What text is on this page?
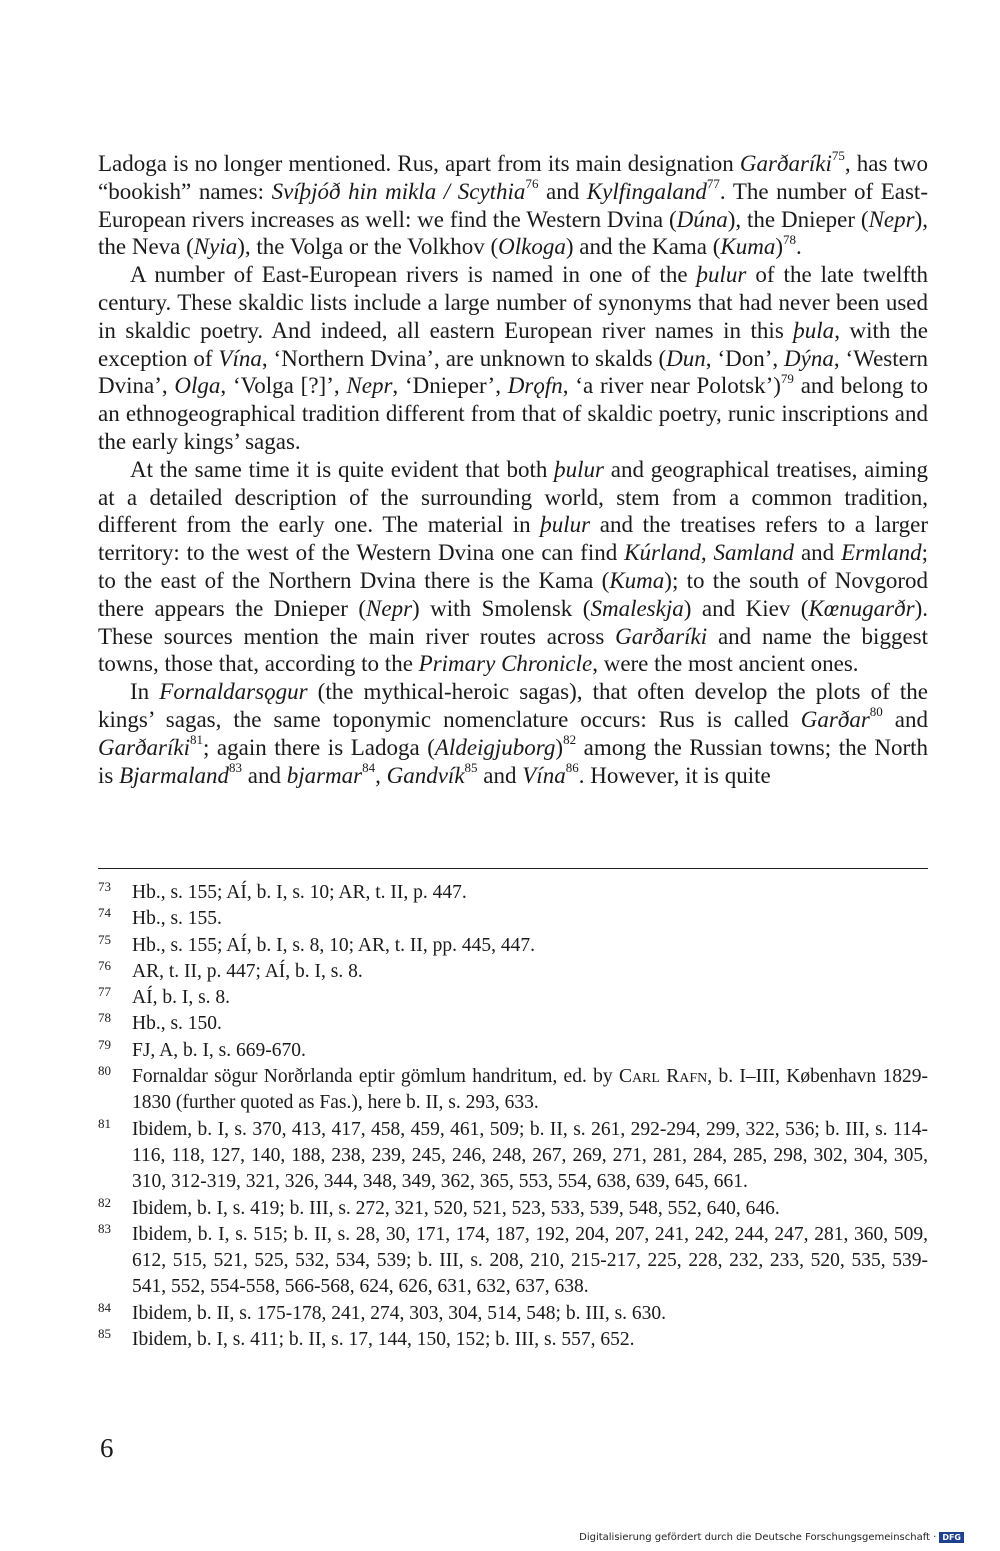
Ladoga is no longer mentioned. Rus, apart from its main designation Garðaríki$^{75}$, has two “bookish” names: Svíþjóð hin mikla / Scythia$^{76}$ and Kylfingaland$^{77}$. The number of East-European rivers increases as well: we find the Western Dvina (Dúna), the Dnieper (Nepr), the Neva (Nyia), the Volga or the Volkhov (Olkoga) and the Kama (Kuma)$^{78}$.

A number of East-European rivers is named in one of the þulur of the late twelfth century. These skaldic lists include a large number of synonyms that had never been used in skaldic poetry. And indeed, all eastern European river names in this þula, with the exception of Vína, ‘Northern Dvina’, are unknown to skalds (Dun, ‘Don’, Dýna, ‘Western Dvina’, Olga, ‘Volga [?]’, Nepr, ‘Dnieper’, Drǫfn, ‘a river near Polotsk’)$^{79}$ and belong to an ethnogeographical tradition different from that of skaldic poetry, runic inscriptions and the early kings’ sagas.

At the same time it is quite evident that both þulur and geographical treatises, aiming at a detailed description of the surrounding world, stem from a common tradition, different from the early one. The material in þulur and the treatises refers to a larger territory: to the west of the Western Dvina one can find Kúrland, Samland and Ermland; to the east of the Northern Dvina there is the Kama (Kuma); to the south of Novgorod there appears the Dnieper (Nepr) with Smolensk (Smaleskja) and Kiev (Kœnugarðr). These sources mention the main river routes across Garðaríki and name the biggest towns, those that, according to the Primary Chronicle, were the most ancient ones.

In Fornaldarsǫgur (the mythical-heroic sagas), that often develop the plots of the kings’ sagas, the same toponymic nomenclature occurs: Rus is called Garðar$^{80}$ and Garðaríki$^{81}$; again there is Ladoga (Aldeigjuborg)$^{82}$ among the Russian towns; the North is Bjarmaland$^{83}$ and bjarmar$^{84}$, Gandvík$^{85}$ and Vína$^{86}$. However, it is quite

73	Hb., s. 155; AÍ, b. I, s. 10; AR, t. II, p. 447.
74	Hb., s. 155.
75	Hb., s. 155; AÍ, b. I, s. 8, 10; AR, t. II, pp. 445, 447.
76	AR, t. II, p. 447; AÍ, b. I, s. 8.
77	AÍ, b. I, s. 8.
78	Hb., s. 150.
79	FJ, A, b. I, s. 669-670.
80	Fornaldar sögur Norðrlanda eptir gömlum handritum, ed. by Carl Rafn, b. I–III, København 1829-1830 (further quoted as Fas.), here b. II, s. 293, 633.
81	Ibidem, b. I, s. 370, 413, 417, 458, 459, 461, 509; b. II, s. 261, 292-294, 299, 322, 536; b. III, s. 114-116, 118, 127, 140, 188, 238, 239, 245, 246, 248, 267, 269, 271, 281, 284, 285, 298, 302, 304, 305, 310, 312-319, 321, 326, 344, 348, 349, 362, 365, 553, 554, 638, 639, 645, 661.
82	Ibidem, b. I, s. 419; b. III, s. 272, 321, 520, 521, 523, 533, 539, 548, 552, 640, 646.
83	Ibidem, b. I, s. 515; b. II, s. 28, 30, 171, 174, 187, 192, 204, 207, 241, 242, 244, 247, 281, 360, 509, 612, 515, 521, 525, 532, 534, 539; b. III, s. 208, 210, 215-217, 225, 228, 232, 233, 520, 535, 539-541, 552, 554-558, 566-568, 624, 626, 631, 632, 637, 638.
84	Ibidem, b. II, s. 175-178, 241, 274, 303, 304, 514, 548; b. III, s. 630.
85	Ibidem, b. I, s. 411; b. II, s. 17, 144, 150, 152; b. III, s. 557, 652.
6
Digitalisierung gefördert durch die Deutsche Forschungsgemeinschaft · DFG
